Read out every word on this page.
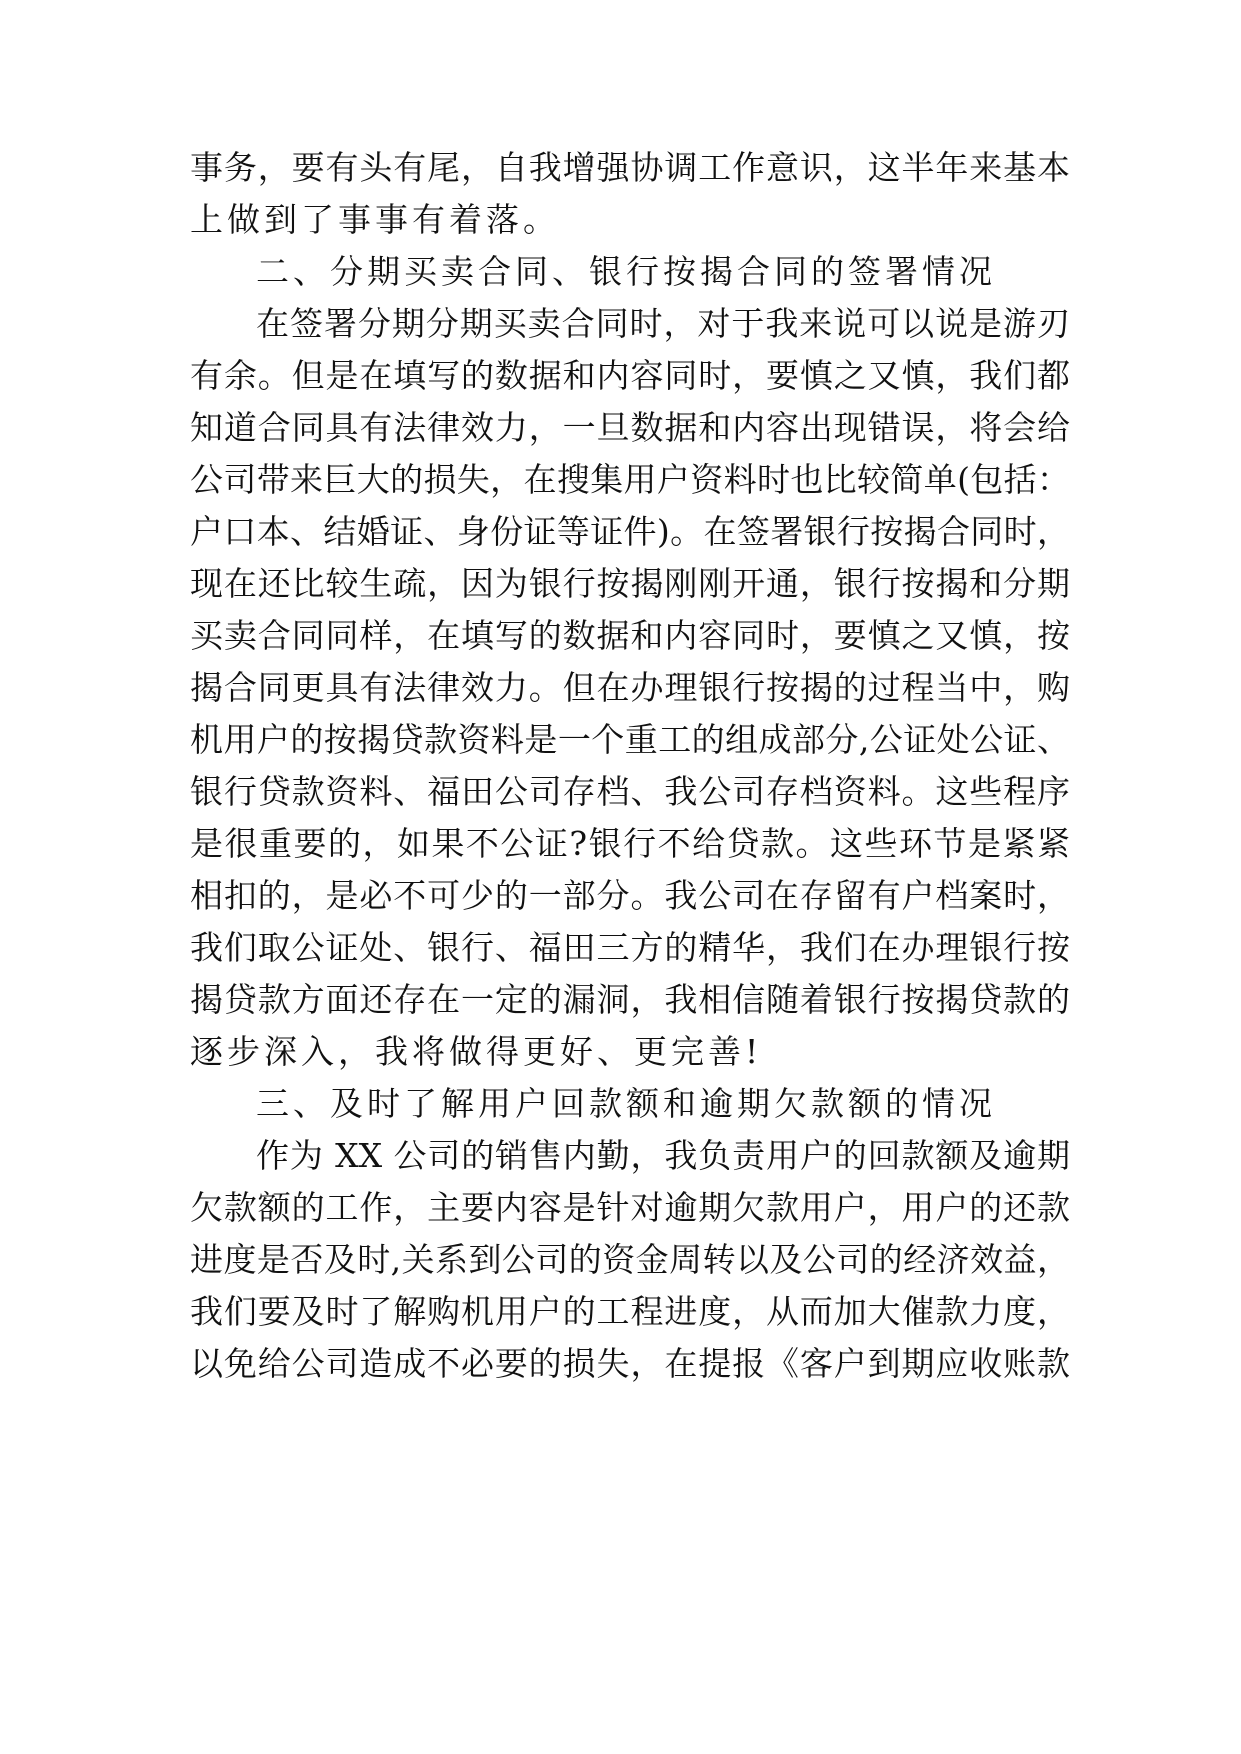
事务，要有头有尾，自我增强协调工作意识，这半年来基本
上做到了事事有着落。
二、分期买卖合同、银行按揭合同的签署情况
在签署分期分期买卖合同时，对于我来说可以说是游刃
有余。但是在填写的数据和内容同时，要慎之又慎，我们都
知道合同具有法律效力，一旦数据和内容出现错误，将会给
公司带来巨大的损失，在搜集用户资料时也比较简单(包括：
户口本、结婚证、身份证等证件)。在签署银行按揭合同时，
现在还比较生疏，因为银行按揭刚刚开通，银行按揭和分期
买卖合同同样，在填写的数据和内容同时，要慎之又慎，按
揭合同更具有法律效力。但在办理银行按揭的过程当中，购
机用户的按揭贷款资料是一个重工的组成部分,公证处公证、
银行贷款资料、福田公司存档、我公司存档资料。这些程序
是很重要的，如果不公证?银行不给贷款。这些环节是紧紧
相扣的，是必不可少的一部分。我公司在存留有户档案时，
我们取公证处、银行、福田三方的精华，我们在办理银行按
揭贷款方面还存在一定的漏洞，我相信随着银行按揭贷款的
逐步深入，我将做得更好、更完善!
三、及时了解用户回款额和逾期欠款额的情况
作为 XX 公司的销售内勤，我负责用户的回款额及逾期
欠款额的工作，主要内容是针对逾期欠款用户，用户的还款
进度是否及时,关系到公司的资金周转以及公司的经济效益，
我们要及时了解购机用户的工程进度，从而加大催款力度，
以免给公司造成不必要的损失，在提报《客户到期应收账款
